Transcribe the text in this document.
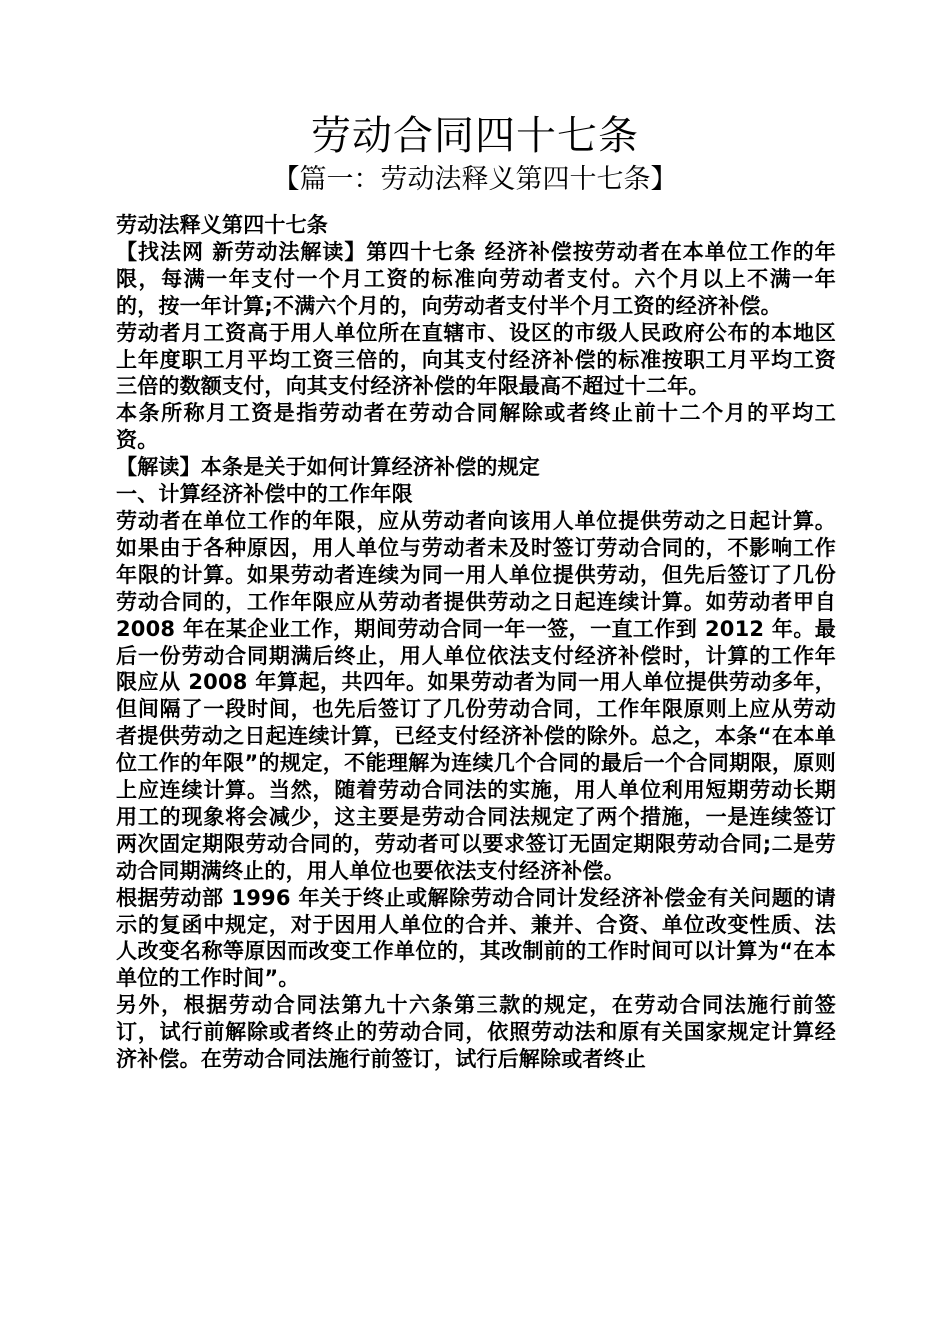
劳动合同四十七条
【篇一：劳动法释义第四十七条】

劳动法释义第四十七条

【找法网 新劳动法解读】第四十七条 经济补偿按劳动者在本单位工作的年限，每满一年支付一个月工资的标准向劳动者支付。六个月以上不满一年的，按一年计算;不满六个月的，向劳动者支付半个月工资的经济补偿。

劳动者月工资高于用人单位所在直辖市、设区的市级人民政府公布的本地区上年度职工月平均工资三倍的，向其支付经济补偿的标准按职工月平均工资三倍的数额支付，向其支付经济补偿的年限最高不超过十二年。

本条所称月工资是指劳动者在劳动合同解除或者终止前十二个月的平均工资。

【解读】本条是关于如何计算经济补偿的规定

一、计算经济补偿中的工作年限

劳动者在单位工作的年限，应从劳动者向该用人单位提供劳动之日起计算。如果由于各种原因，用人单位与劳动者未及时签订劳动合同的，不影响工作年限的计算。如果劳动者连续为同一用人单位提供劳动，但先后签订了几份劳动合同的，工作年限应从劳动者提供劳动之日起连续计算。如劳动者甲自 2008 年在某企业工作，期间劳动合同一年一签，一直工作到 2012 年。最后一份劳动合同期满后终止，用人单位依法支付经济补偿时，计算的工作年限应从 2008 年算起，共四年。如果劳动者为同一用人单位提供劳动多年，但间隔了一段时间，也先后签订了几份劳动合同，工作年限原则上应从劳动者提供劳动之日起连续计算，已经支付经济补偿的除外。总之，本条“在本单位工作的年限”的规定，不能理解为连续几个合同的最后一个合同期限，原则上应连续计算。当然，随着劳动合同法的实施，用人单位利用短期劳动长期用工的现象将会减少，这主要是劳动合同法规定了两个措施，一是连续签订两次固定期限劳动合同的，劳动者可以要求签订无固定期限劳动合同;二是劳动合同期满终止的，用人单位也要依法支付经济补偿。

根据劳动部 1996 年关于终止或解除劳动合同计发经济补偿金有关问题的请示的复函中规定，对于因用人单位的合并、兼并、合资、单位改变性质、法人改变名称等原因而改变工作单位的，其改制前的工作时间可以计算为“在本单位的工作时间”。

另外，根据劳动合同法第九十六条第三款的规定，在劳动合同法施行前签订，试行前解除或者终止的劳动合同，依照劳动法和原有关国家规定计算经济补偿。在劳动合同法施行前签订，试行后解除或者终止
